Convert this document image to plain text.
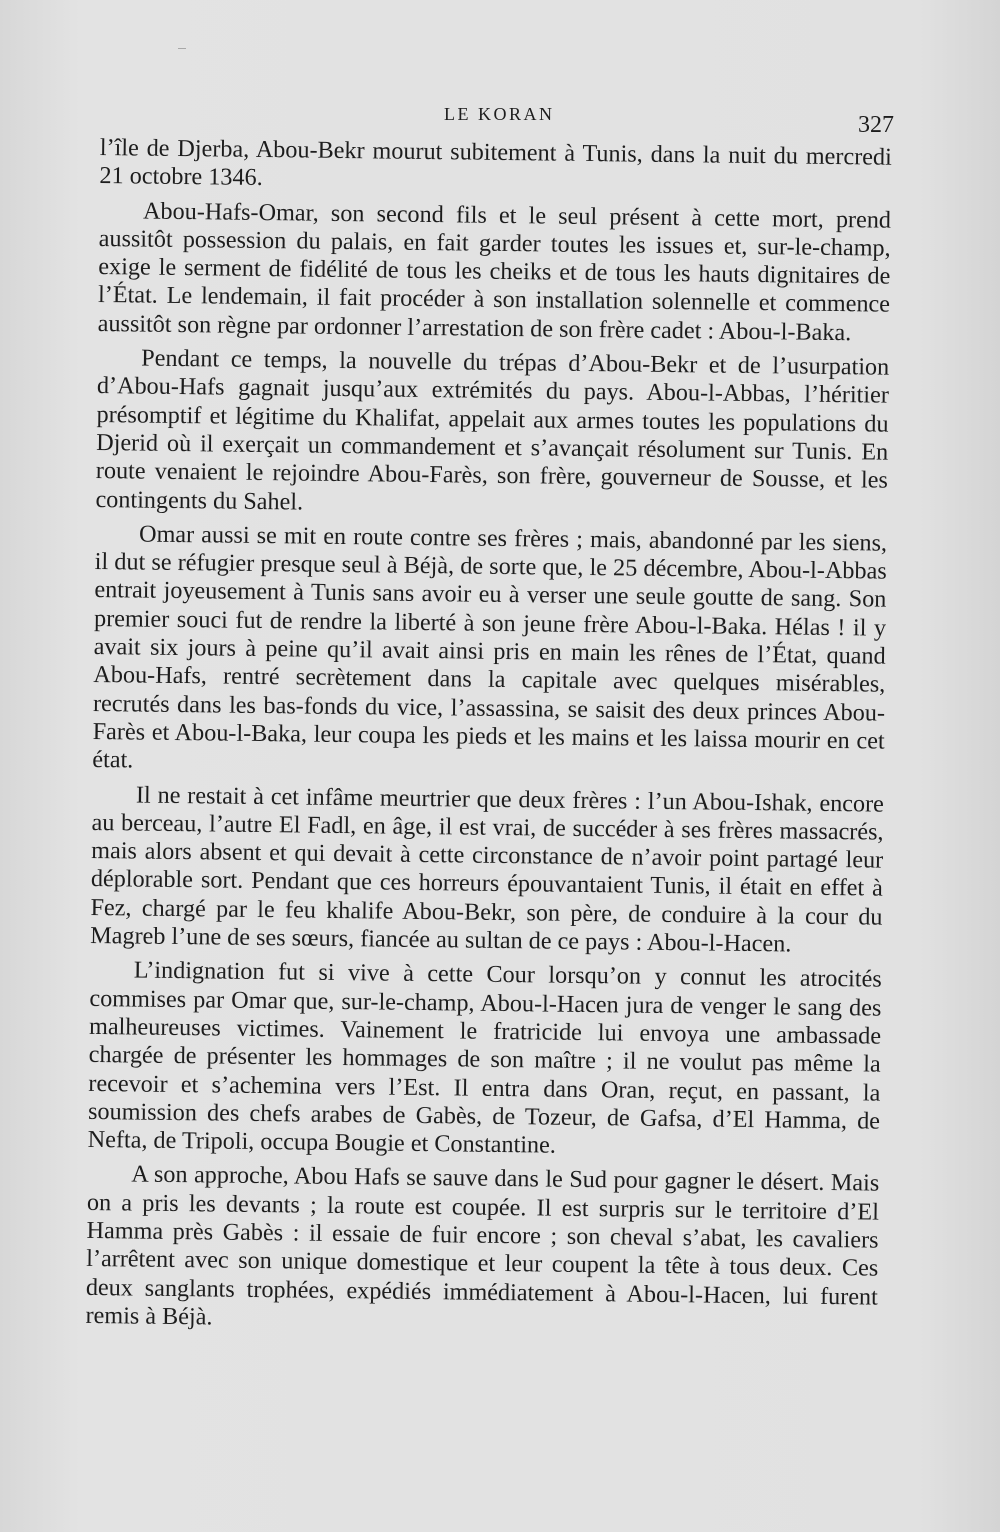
LE KORAN	327

l’île de Djerba, Abou-Bekr mourut subitement à Tunis, dans la nuit du mercredi 21 octobre 1346.

Abou-Hafs-Omar, son second fils et le seul présent à cette mort, prend aussitôt possession du palais, en fait garder toutes les issues et, sur-le-champ, exige le serment de fidélité de tous les cheiks et de tous les hauts dignitaires de l’État. Le lendemain, il fait procéder à son installation solennelle et commence aussitôt son règne par ordonner l’arrestation de son frère cadet : Abou-l-Baka.

Pendant ce temps, la nouvelle du trépas d’Abou-Bekr et de l’usurpation d’Abou-Hafs gagnait jusqu’aux extrémités du pays. Abou-l-Abbas, l’héritier présomptif et légitime du Khalifat, appelait aux armes toutes les populations du Djerid où il exerçait un commandement et s’avançait résolument sur Tunis. En route venaient le rejoindre Abou-Farès, son frère, gouverneur de Sousse, et les contingents du Sahel.

Omar aussi se mit en route contre ses frères ; mais, abandonné par les siens, il dut se réfugier presque seul à Béjà, de sorte que, le 25 décembre, Abou-l-Abbas entrait joyeusement à Tunis sans avoir eu à verser une seule goutte de sang. Son premier souci fut de rendre la liberté à son jeune frère Abou-l-Baka. Hélas ! il y avait six jours à peine qu’il avait ainsi pris en main les rênes de l’État, quand Abou-Hafs, rentré secrètement dans la capitale avec quelques misérables, recrutés dans les bas-fonds du vice, l’assassina, se saisit des deux princes Abou-Farès et Abou-l-Baka, leur coupa les pieds et les mains et les laissa mourir en cet état.

Il ne restait à cet infâme meurtrier que deux frères : l’un Abou-Ishak, encore au berceau, l’autre El Fadl, en âge, il est vrai, de succéder à ses frères massacrés, mais alors absent et qui devait à cette circonstance de n’avoir point partagé leur déplorable sort. Pendant que ces horreurs épouvantaient Tunis, il était en effet à Fez, chargé par le feu khalife Abou-Bekr, son père, de conduire à la cour du Magreb l’une de ses sœurs, fiancée au sultan de ce pays : Abou-l-Hacen.

L’indignation fut si vive à cette Cour lorsqu’on y connut les atrocités commises par Omar que, sur-le-champ, Abou-l-Hacen jura de venger le sang des malheureuses victimes. Vainement le fratricide lui envoya une ambassade chargée de présenter les hommages de son maître ; il ne voulut pas même la recevoir et s’achemina vers l’Est. Il entra dans Oran, reçut, en passant, la soumission des chefs arabes de Gabès, de Tozeur, de Gafsa, d’El Hamma, de Nefta, de Tripoli, occupa Bougie et Constantine.

A son approche, Abou Hafs se sauve dans le Sud pour gagner le désert. Mais on a pris les devants ; la route est coupée. Il est surpris sur le territoire d’El Hamma près Gabès : il essaie de fuir encore ; son cheval s’abat, les cavaliers l’arrêtent avec son unique domestique et leur coupent la tête à tous deux. Ces deux sanglants trophées, expédiés immédiatement à Abou-l-Hacen, lui furent remis à Béjà.
